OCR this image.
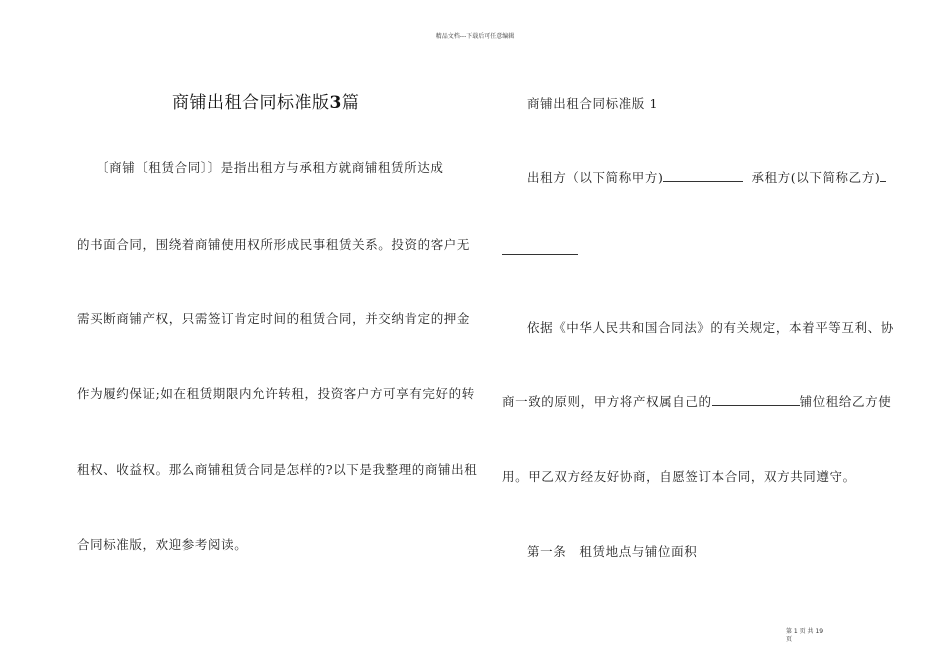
精品文档---下载后可任意编辑
商铺出租合同标准版3篇
〔商铺〔租赁合同〕〕是指出租方与承租方就商铺租赁所达成
的书面合同，围绕着商铺使用权所形成民事租赁关系。投资的客户无
需买断商铺产权，只需签订肯定时间的租赁合同，并交纳肯定的押金
作为履约保证;如在租赁期限内允许转租，投资客户方可享有完好的转
租权、收益权。那么商铺租赁合同是怎样的?以下是我整理的商铺出租
合同标准版，欢迎参考阅读。
商铺出租合同标准版 1
出租方（以下简称甲方)	承租方(以下简称乙方)
依据《中华人民共和国合同法》的有关规定，本着平等互利、协
商一致的原则，甲方将产权属自己的	铺位租给乙方使
用。甲乙双方经友好协商，自愿签订本合同，双方共同遵守。
第一条　租赁地点与铺位面积
第 1 页 共 19
页
